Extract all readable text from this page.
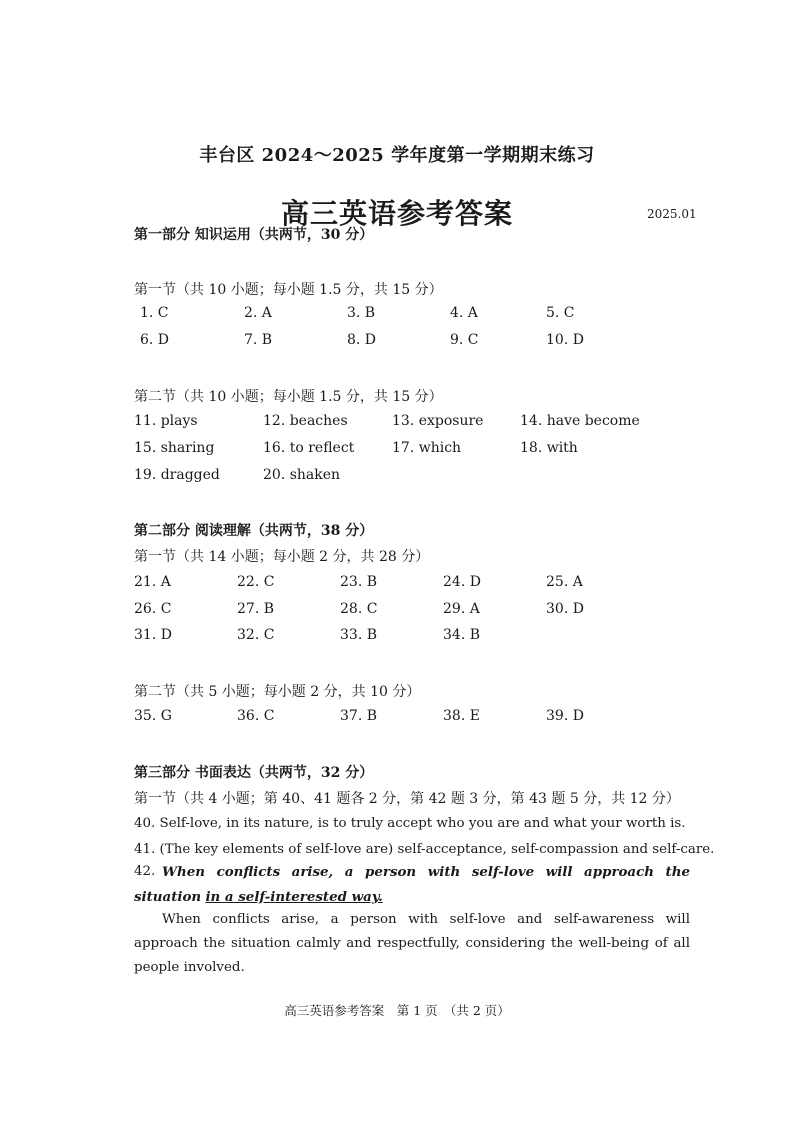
丰台区 2024～2025 学年度第一学期期末练习
高三英语参考答案	2025.01
第一部分 知识运用（共两节，30 分）
第一节（共 10 小题；每小题 1.5 分，共 15 分）
1. C	2. A	3. B	4. A	5. C
6. D	7. B	8. D	9. C	10. D
第二节（共 10 小题；每小题 1.5 分，共 15 分）
11. plays	12. beaches	13. exposure	14. have become
15. sharing	16. to reflect	17. which	18. with
19. dragged	20. shaken
第二部分 阅读理解（共两节，38 分）
第一节（共 14 小题；每小题 2 分，共 28 分）
21. A	22. C	23. B	24. D	25. A
26. C	27. B	28. C	29. A	30. D
31. D	32. C	33. B	34. B
第二节（共 5 小题；每小题 2 分，共 10 分）
35. G	36. C	37. B	38. E	39. D
第三部分 书面表达（共两节，32 分）
第一节（共 4 小题；第 40、41 题各 2 分，第 42 题 3 分，第 43 题 5 分，共 12 分）
40. Self-love, in its nature, is to truly accept who you are and what your worth is.
41. (The key elements of self-love are) self-acceptance, self-compassion and self-care.
42. When conflicts arise, a person with self-love will approach the situation in a self-interested way.
When conflicts arise, a person with self-love and self-awareness will approach the situation calmly and respectfully, considering the well-being of all people involved.
高三英语参考答案　第 1 页　（共 2 页）
